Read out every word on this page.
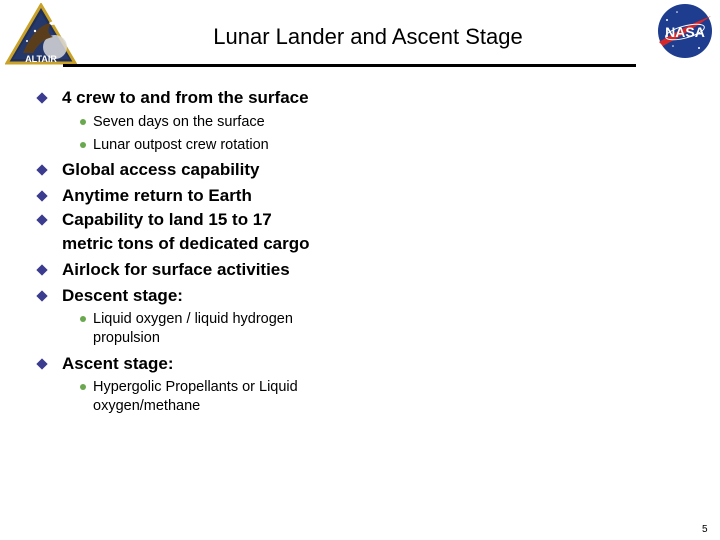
ALTAIR
Lunar Lander and Ascent Stage	NASA
4 crew to and from the surface
Seven days on the surface
Lunar outpost crew rotation
Global access capability
Anytime return to Earth
Capability to land 15 to 17
metric tons of dedicated cargo
Airlock for surface activities
Descent stage:
Liquid oxygen / liquid hydrogen
propulsion
Ascent stage:
Hypergolic Propellants or Liquid
oxygen/methane
5
